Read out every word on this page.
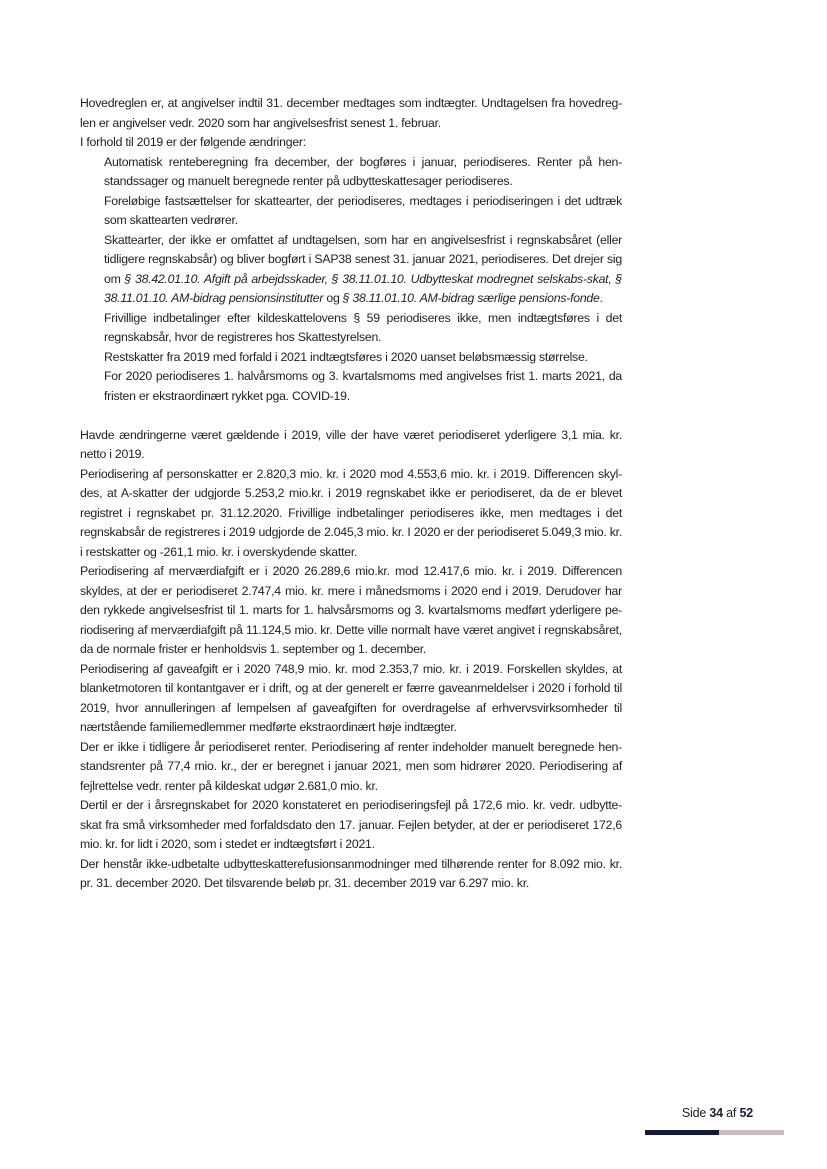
Hovedreglen er, at angivelser indtil 31. december medtages som indtægter. Undtagelsen fra hovedreg-len er angivelser vedr. 2020 som har angivelsesfrist senest 1. februar.

I forhold til 2019 er der følgende ændringer:

Automatisk renteberegning fra december, der bogføres i januar, periodiseres. Renter på hen-standssager og manuelt beregnede renter på udbytteskattesager periodiseres.
Foreløbige fastsættelser for skattearter, der periodiseres, medtages i periodiseringen i det udtræk som skattearten vedrører.
Skattearter, der ikke er omfattet af undtagelsen, som har en angivelsesfrist i regnskabsåret (eller tidligere regnskabsår) og bliver bogført i SAP38 senest 31. januar 2021, periodiseres. Det drejer sig om § 38.42.01.10. Afgift på arbejdsskader, § 38.11.01.10. Udbytteskat modregnet selskabs-skat, § 38.11.01.10. AM-bidrag pensionsinstitutter og § 38.11.01.10. AM-bidrag særlige pensions-fonde.
Frivillige indbetalinger efter kildeskattelovens § 59 periodiseres ikke, men indtægtsføres i det regnskabsår, hvor de registreres hos Skattestyrelsen.
Restskatter fra 2019 med forfald i 2021 indtægtsføres i 2020 uanset beløbsmæssig størrelse.
For 2020 periodiseres 1. halvårsmoms og 3. kvartalsmoms med angivelses frist 1. marts 2021, da fristen er ekstraordinært rykket pga. COVID-19.

Havde ændringerne været gældende i 2019, ville der have været periodiseret yderligere 3,1 mia. kr. netto i 2019.

Periodisering af personskatter er 2.820,3 mio. kr. i 2020 mod 4.553,6 mio. kr. i 2019. Differencen skyl-des, at A-skatter der udgjorde 5.253,2 mio.kr. i 2019 regnskabet ikke er periodiseret, da de er blevet registret i regnskabet pr. 31.12.2020. Frivillige indbetalinger periodiseres ikke, men medtages i det regnskabsår de registreres i 2019 udgjorde de 2.045,3 mio. kr. I 2020 er der periodiseret 5.049,3 mio. kr. i restskatter og -261,1 mio. kr. i overskydende skatter.

Periodisering af merværdiafgift er i 2020 26.289,6 mio.kr. mod 12.417,6 mio. kr. i 2019. Differencen skyldes, at der er periodiseret 2.747,4 mio. kr. mere i månedsmoms i 2020 end i 2019. Derudover har den rykkede angivelsesfrist til 1. marts for 1. halvsårsmoms og 3. kvartalsmoms medført yderligere pe-riodisering af merværdiafgift på 11.124,5 mio. kr. Dette ville normalt have været angivet i regnskabsåret, da de normale frister er henholdsvis 1. september og 1. december.

Periodisering af gaveafgift er i 2020 748,9 mio. kr. mod 2.353,7 mio. kr. i 2019. Forskellen skyldes, at blanketmotoren til kontantgaver er i drift, og at der generelt er færre gaveanmeldelser i 2020 i forhold til 2019, hvor annulleringen af lempelsen af gaveafgiften for overdragelse af erhvervsvirksomheder til nærtstående familiemedlemmer medførte ekstraordinært høje indtægter.

Der er ikke i tidligere år periodiseret renter. Periodisering af renter indeholder manuelt beregnede hen-standsrenter på 77,4 mio. kr., der er beregnet i januar 2021, men som hidrører 2020. Periodisering af fejlrettelse vedr. renter på kildeskat udgør 2.681,0 mio. kr.

Dertil er der i årsregnskabet for 2020 konstateret en periodiseringsfejl på 172,6 mio. kr. vedr. udbytte-skat fra små virksomheder med forfaldsdato den 17. januar. Fejlen betyder, at der er periodiseret 172,6 mio. kr. for lidt i 2020, som i stedet er indtægtsført i 2021.

Der henstår ikke-udbetalte udbytteskatterefusionsanmodninger med tilhørende renter for 8.092 mio. kr. pr. 31. december 2020. Det tilsvarende beløb pr. 31. december 2019 var 6.297 mio. kr.

Side 34 af 52
